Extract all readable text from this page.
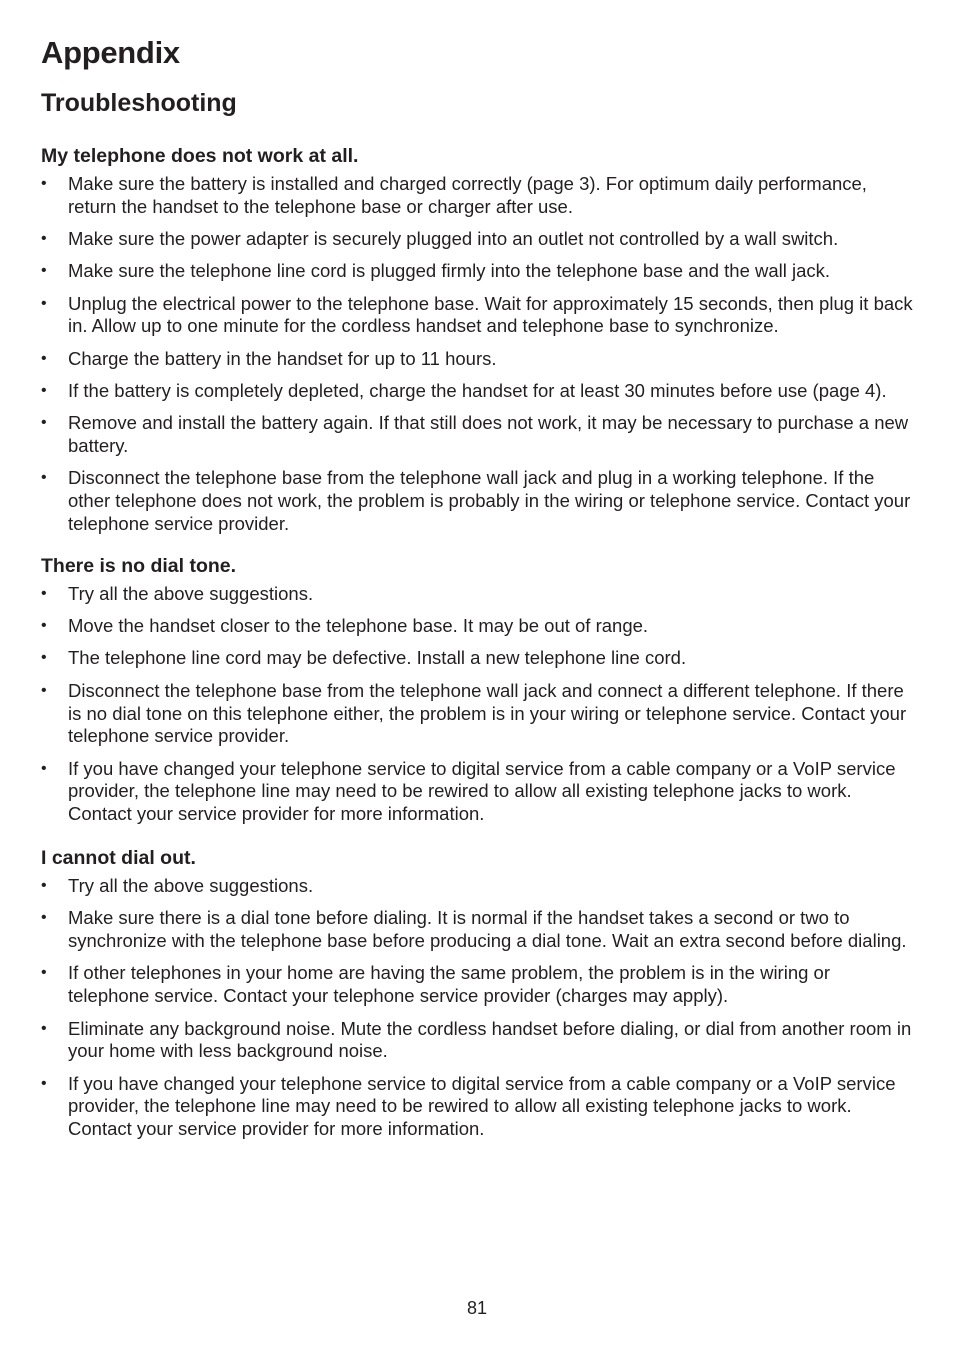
Appendix
Troubleshooting
My telephone does not work at all.
•	Make sure the battery is installed and charged correctly (page 3). For optimum daily performance, return the handset to the telephone base or charger after use.
•	Make sure the power adapter is securely plugged into an outlet not controlled by a wall switch.
•	Make sure the telephone line cord is plugged firmly into the telephone base and the wall jack.
•	Unplug the electrical power to the telephone base. Wait for approximately 15 seconds, then plug it back in. Allow up to one minute for the cordless handset and telephone base to synchronize.
•	Charge the battery in the handset for up to 11 hours.
•	If the battery is completely depleted, charge the handset for at least 30 minutes before use (page 4).
•	Remove and install the battery again. If that still does not work, it may be necessary to purchase a new battery.
•	Disconnect the telephone base from the telephone wall jack and plug in a working telephone. If the other telephone does not work, the problem is probably in the wiring or telephone service. Contact your telephone service provider.
There is no dial tone.
•	Try all the above suggestions.
•	Move the handset closer to the telephone base. It may be out of range.
•	The telephone line cord may be defective. Install a new telephone line cord.
•	Disconnect the telephone base from the telephone wall jack and connect a different telephone. If there is no dial tone on this telephone either, the problem is in your wiring or telephone service. Contact your telephone service provider.
•	If you have changed your telephone service to digital service from a cable company or a VoIP service provider, the telephone line may need to be rewired to allow all existing telephone jacks to work. Contact your service provider for more information.
I cannot dial out.
•	Try all the above suggestions.
•	Make sure there is a dial tone before dialing. It is normal if the handset takes a second or two to synchronize with the telephone base before producing a dial tone. Wait an extra second before dialing.
•	If other telephones in your home are having the same problem, the problem is in the wiring or telephone service. Contact your telephone service provider (charges may apply).
•	Eliminate any background noise. Mute the cordless handset before dialing, or dial from another room in your home with less background noise.
•	If you have changed your telephone service to digital service from a cable company or a VoIP service provider, the telephone line may need to be rewired to allow all existing telephone jacks to work. Contact your service provider for more information.
81
